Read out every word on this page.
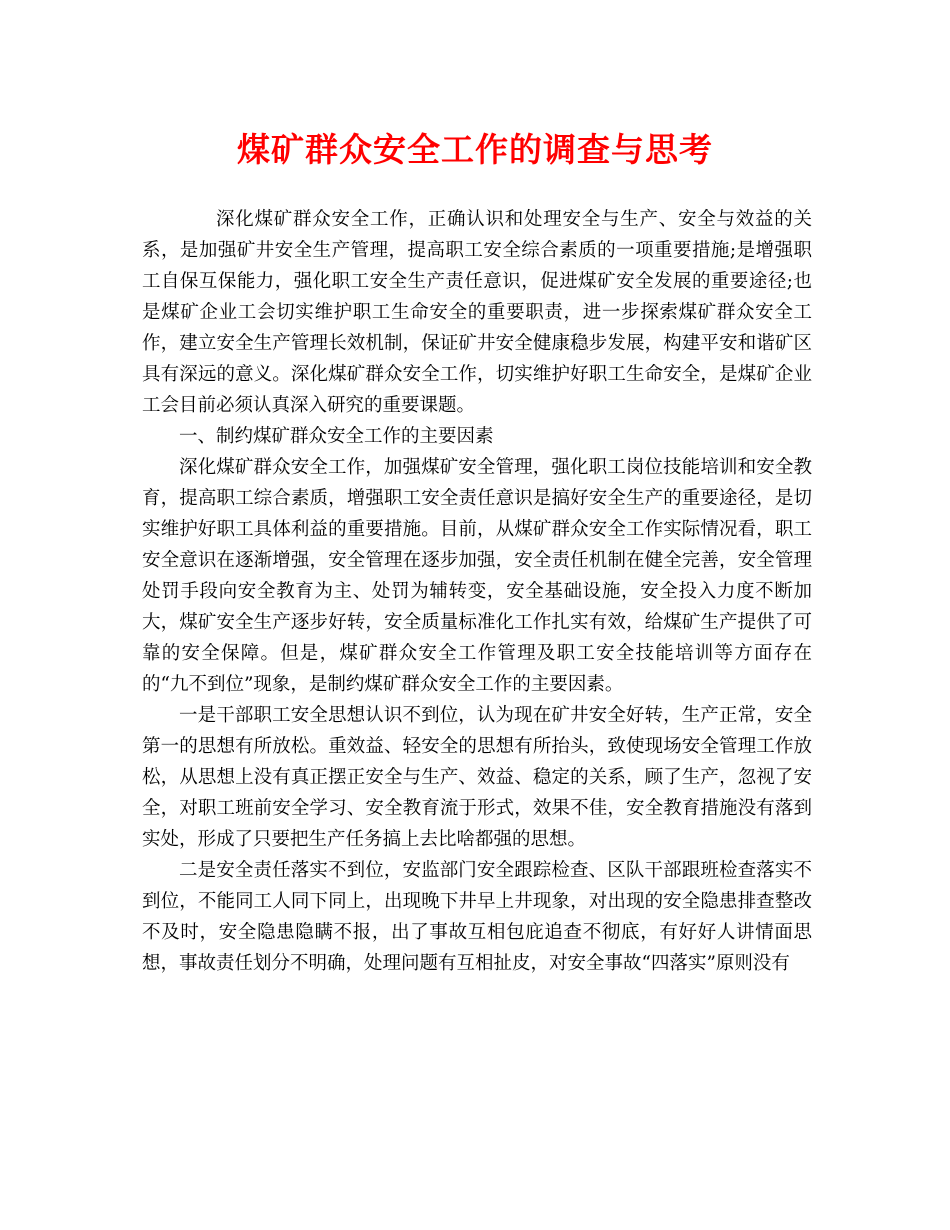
煤矿群众安全工作的调查与思考

深化煤矿群众安全工作，正确认识和处理安全与生产、安全与效益的关系，是加强矿井安全生产管理，提高职工安全综合素质的一项重要措施;是增强职工自保互保能力，强化职工安全生产责任意识，促进煤矿安全发展的重要途径;也是煤矿企业工会切实维护职工生命安全的重要职责，进一步探索煤矿群众安全工作，建立安全生产管理长效机制，保证矿井安全健康稳步发展，构建平安和谐矿区具有深远的意义。深化煤矿群众安全工作，切实维护好职工生命安全，是煤矿企业工会目前必须认真深入研究的重要课题。

一、制约煤矿群众安全工作的主要因素

深化煤矿群众安全工作，加强煤矿安全管理，强化职工岗位技能培训和安全教育，提高职工综合素质，增强职工安全责任意识是搞好安全生产的重要途径，是切实维护好职工具体利益的重要措施。目前，从煤矿群众安全工作实际情况看，职工安全意识在逐渐增强，安全管理在逐步加强，安全责任机制在健全完善，安全管理处罚手段向安全教育为主、处罚为辅转变，安全基础设施，安全投入力度不断加大，煤矿安全生产逐步好转，安全质量标准化工作扎实有效，给煤矿生产提供了可靠的安全保障。但是，煤矿群众安全工作管理及职工安全技能培训等方面存在的“九不到位”现象，是制约煤矿群众安全工作的主要因素。

一是干部职工安全思想认识不到位，认为现在矿井安全好转，生产正常，安全第一的思想有所放松。重效益、轻安全的思想有所抬头，致使现场安全管理工作放松，从思想上没有真正摆正安全与生产、效益、稳定的关系，顾了生产，忽视了安全，对职工班前安全学习、安全教育流于形式，效果不佳，安全教育措施没有落到实处，形成了只要把生产任务搞上去比啥都强的思想。

二是安全责任落实不到位，安监部门安全跟踪检查、区队干部跟班检查落实不到位，不能同工人同下同上，出现晚下井早上井现象，对出现的安全隐患排查整改不及时，安全隐患隐瞒不报，出了事故互相包庇追查不彻底，有好好人讲情面思想，事故责任划分不明确，处理问题有互相扯皮，对安全事故“四落实”原则没有
